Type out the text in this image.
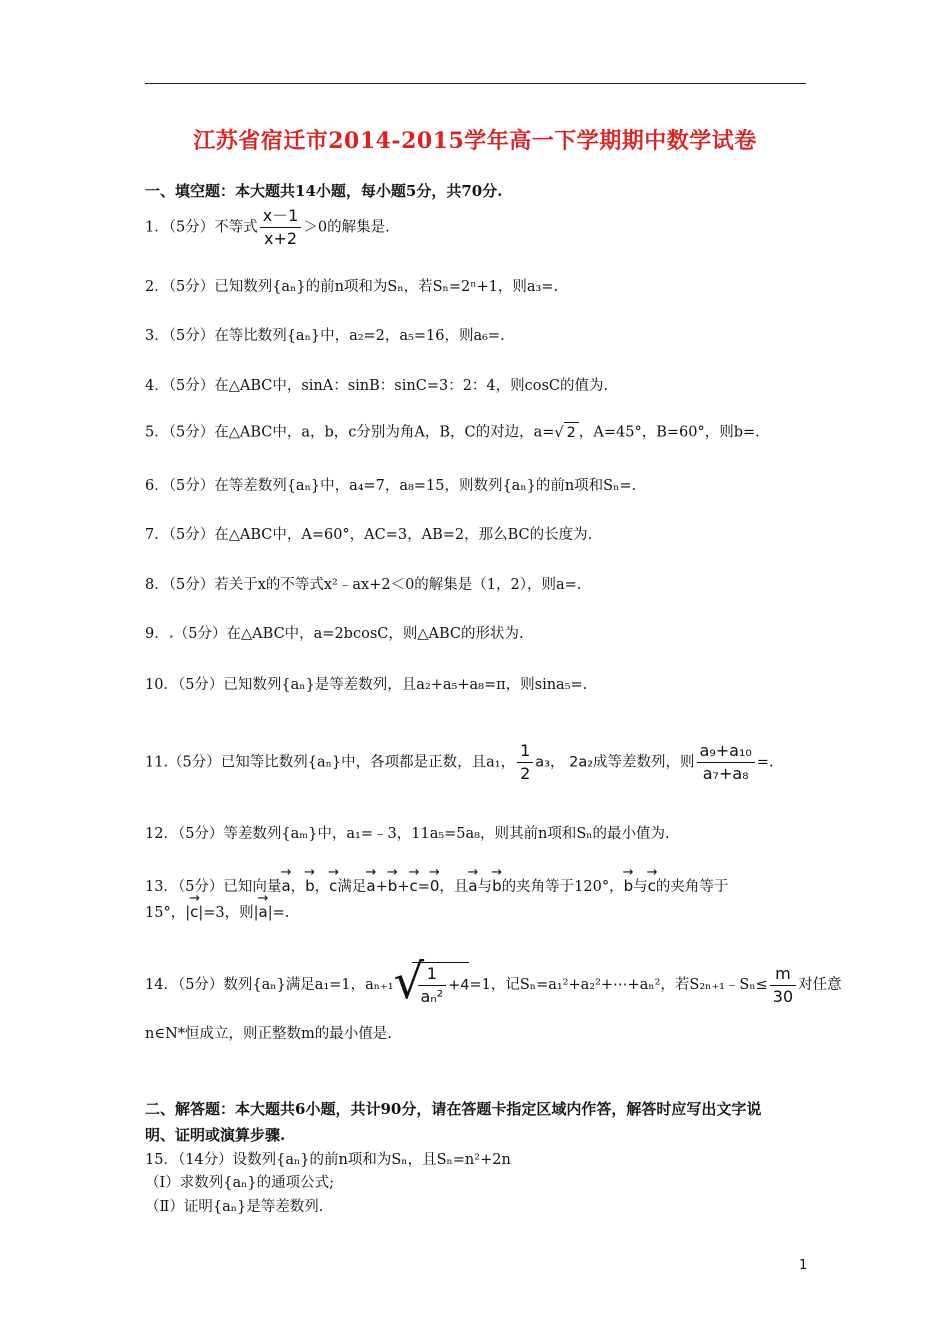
江苏省宿迁市2014-2015学年高一下学期期中数学试卷
一、填空题：本大题共14小题，每小题5分，共70分.
1．（5分）不等式 $\frac{x-1}{x+2} >0$的解集是.
2．（5分）已知数列{aₙ}的前n项和为Sₙ，若Sₙ=2ⁿ+1，则a₃=.
3．（5分）在等比数列{aₙ}中，a₂=2，a₅=16，则a₆=.
4．（5分）在△ABC中，sinA：sinB：sinC=3：2：4，则cosC的值为.
5．（5分）在△ABC中，a，b，c分别为角A，B，C的对边，a=√ 2 ，A=45°，B=60°，则b=.
6．（5分）在等差数列{aₙ}中，a₄=7，a₈=15，则数列{aₙ}的前n项和Sₙ=.
7．（5分）在△ABC中，A=60°，AC=3，AB=2，那么BC的长度为.
8．（5分）若关于x的不等式x²﹣ax+2＜0的解集是（1，2），则a=.
9．.（5分）在△ABC中，a=2bcosC，则△ABC的形状为.
10．（5分）已知数列{aₙ}是等差数列，且a₂+a₅+a₈=π，则sina₅=.
11.（5分）已知等比数列{aₙ}中，各项都是正数，且a₁， $\frac{1}{2} a_3$， 2a₂成等差数列，则 $\frac{\text{a₉+a₁₀}}{\text{a₇+a₈}}$ =.
12．（5分）等差数列{aₘ}中，a₁=﹣3，11a₅=5a₈，则其前n项和Sₙ的最小值为.
13．（5分）已知向量→ a，→ b，→ c满足→ a+→ b+→ c=→ 0，且→ a与→ b的夹角等于120°，→ b与→ c的夹角等于
15°，|→ c|=3，则|→ a|=.
14．（5分）数列{aₙ}满足a₁=1，aₙ₊₁ √
$\frac{1}{\text{aₙ²}} +4=1$，记Sₙ=a₁²+a₂²+⋯+aₙ²，若S₂ₙ₊₁﹣Sₙ≤ $\frac{m}{30}$ 对任意
n∈N*恒成立，则正整数m的最小值是.
二、解答题：本大题共6小题，共计90分，请在答题卡指定区域内作答，解答时应写出文字说
明、证明或演算步骤.
15．（14分）设数列{aₙ}的前n项和为Sₙ，且Sₙ=n²+2n
（Ⅰ）求数列{aₙ}的通项公式;
（Ⅱ）证明{aₙ}是等差数列.
1
